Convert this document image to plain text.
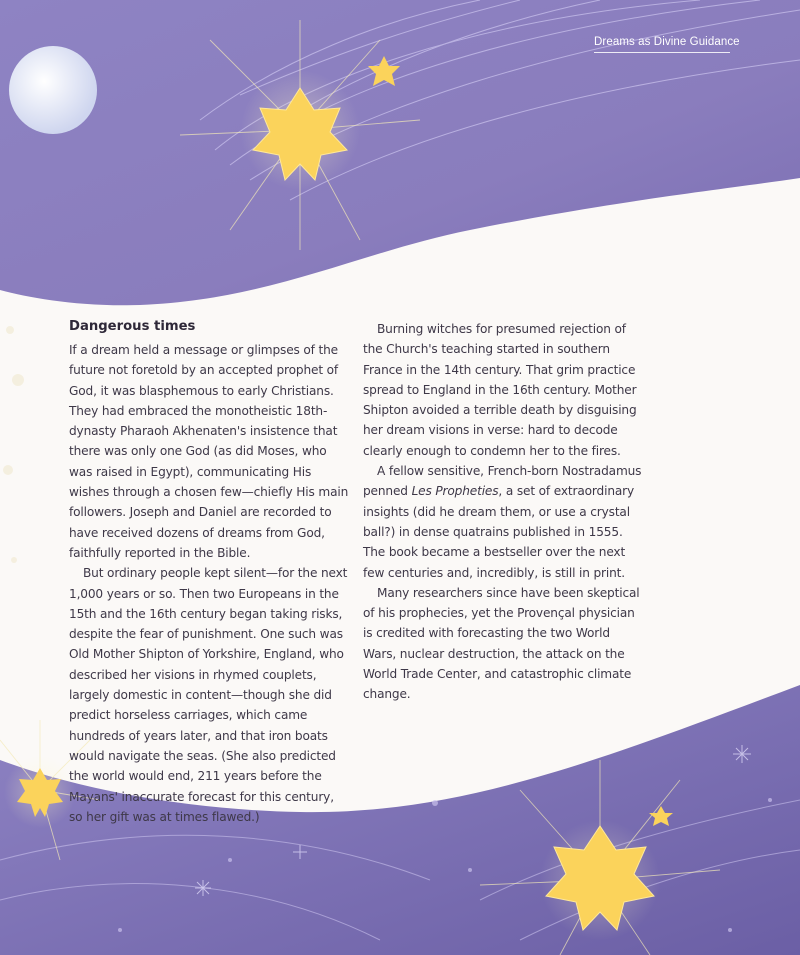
Dreams as Divine Guidance
Dangerous times

If a dream held a message or glimpses of the future not foretold by an accepted prophet of God, it was blasphemous to early Christians. They had embraced the monotheistic 18th-dynasty Pharaoh Akhenaten's insistence that there was only one God (as did Moses, who was raised in Egypt), communicating His wishes through a chosen few—chiefly His main followers. Joseph and Daniel are recorded to have received dozens of dreams from God, faithfully reported in the Bible.

But ordinary people kept silent—for the next 1,000 years or so. Then two Europeans in the 15th and the 16th century began taking risks, despite the fear of punishment. One such was Old Mother Shipton of Yorkshire, England, who described her visions in rhymed couplets, largely domestic in content—though she did predict horseless carriages, which came hundreds of years later, and that iron boats would navigate the seas. (She also predicted the world would end, 211 years before the Mayans' inaccurate forecast for this century, so her gift was at times flawed.)

Burning witches for presumed rejection of the Church's teaching started in southern France in the 14th century. That grim practice spread to England in the 16th century. Mother Shipton avoided a terrible death by disguising her dream visions in verse: hard to decode clearly enough to condemn her to the fires.

A fellow sensitive, French-born Nostradamus penned Les Propheties, a set of extraordinary insights (did he dream them, or use a crystal ball?) in dense quatrains published in 1555. The book became a bestseller over the next few centuries and, incredibly, is still in print.

Many researchers since have been skeptical of his prophecies, yet the Provençal physician is credited with forecasting the two World Wars, nuclear destruction, the attack on the World Trade Center, and catastrophic climate change.
